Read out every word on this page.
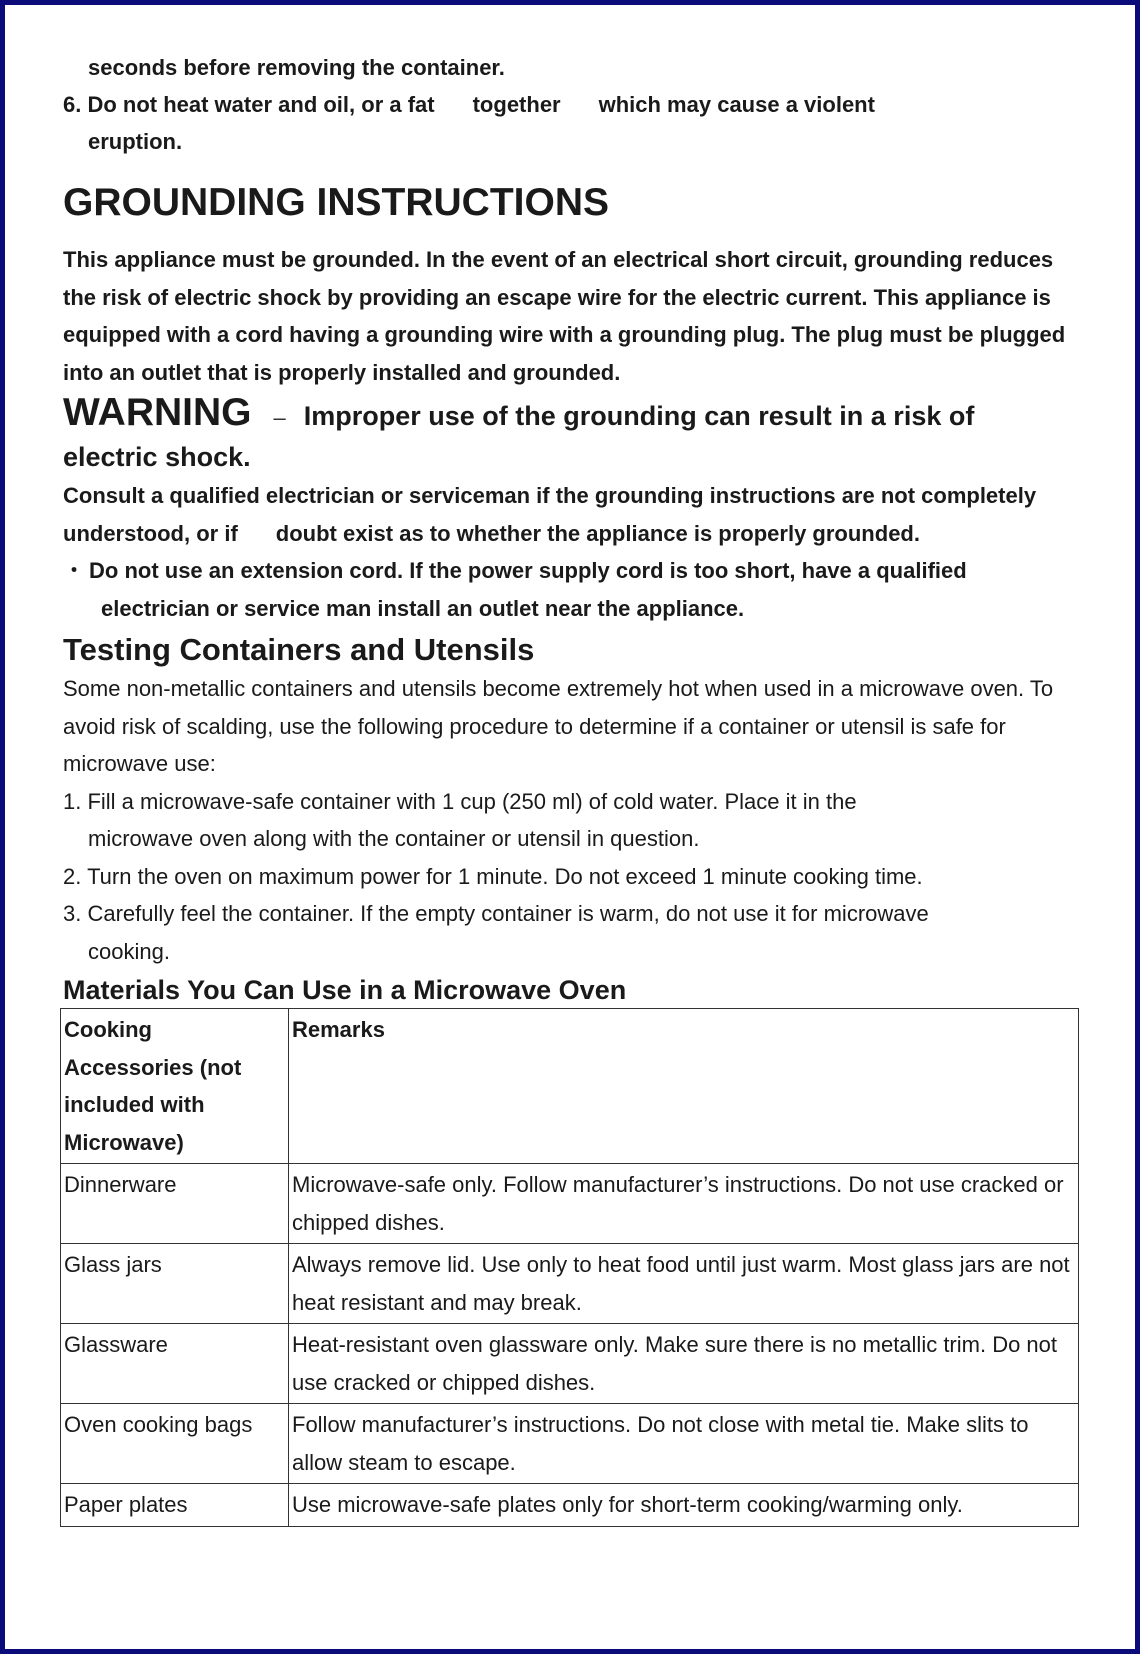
seconds before removing the container.
6. Do not heat water and oil, or a fat together which may cause a violent
eruption.
GROUNDING INSTRUCTIONS
This appliance must be grounded. In the event of an electrical short circuit, grounding reduces the risk of electric shock by providing an escape wire for the electric current. This appliance is equipped with a cord having a grounding wire with a grounding plug. The plug must be plugged into an outlet that is properly installed and grounded.
WARNING – Improper use of the grounding can result in a risk of
electric shock.
Consult a qualified electrician or serviceman if the grounding instructions are not completely understood, or if doubt exist as to whether the appliance is properly grounded.
・ Do not use an extension cord. If the power supply cord is too short, have a qualified
electrician or service man install an outlet near the appliance.
Testing Containers and Utensils
Some non-metallic containers and utensils become extremely hot when used in a microwave oven. To avoid risk of scalding, use the following procedure to determine if a container or utensil is safe for microwave use:
1. Fill a microwave-safe container with 1 cup (250 ml) of cold water. Place it in the
microwave oven along with the container or utensil in question.
2. Turn the oven on maximum power for 1 minute. Do not exceed 1 minute cooking time.
3. Carefully feel the container. If the empty container is warm, do not use it for microwave
cooking.
Materials You Can Use in a Microwave Oven
Cooking Accessories (not included with Microwave)	Remarks
Dinnerware	Microwave-safe only. Follow manufacturer’s instructions. Do not use cracked or chipped dishes.
Glass jars	Always remove lid. Use only to heat food until just warm. Most glass jars are not heat resistant and may break.
Glassware	Heat-resistant oven glassware only. Make sure there is no metallic trim. Do not use cracked or chipped dishes.
Oven cooking bags	Follow manufacturer’s instructions. Do not close with metal tie. Make slits to allow steam to escape.
Paper plates	Use microwave-safe plates only for short-term cooking/warming only.
